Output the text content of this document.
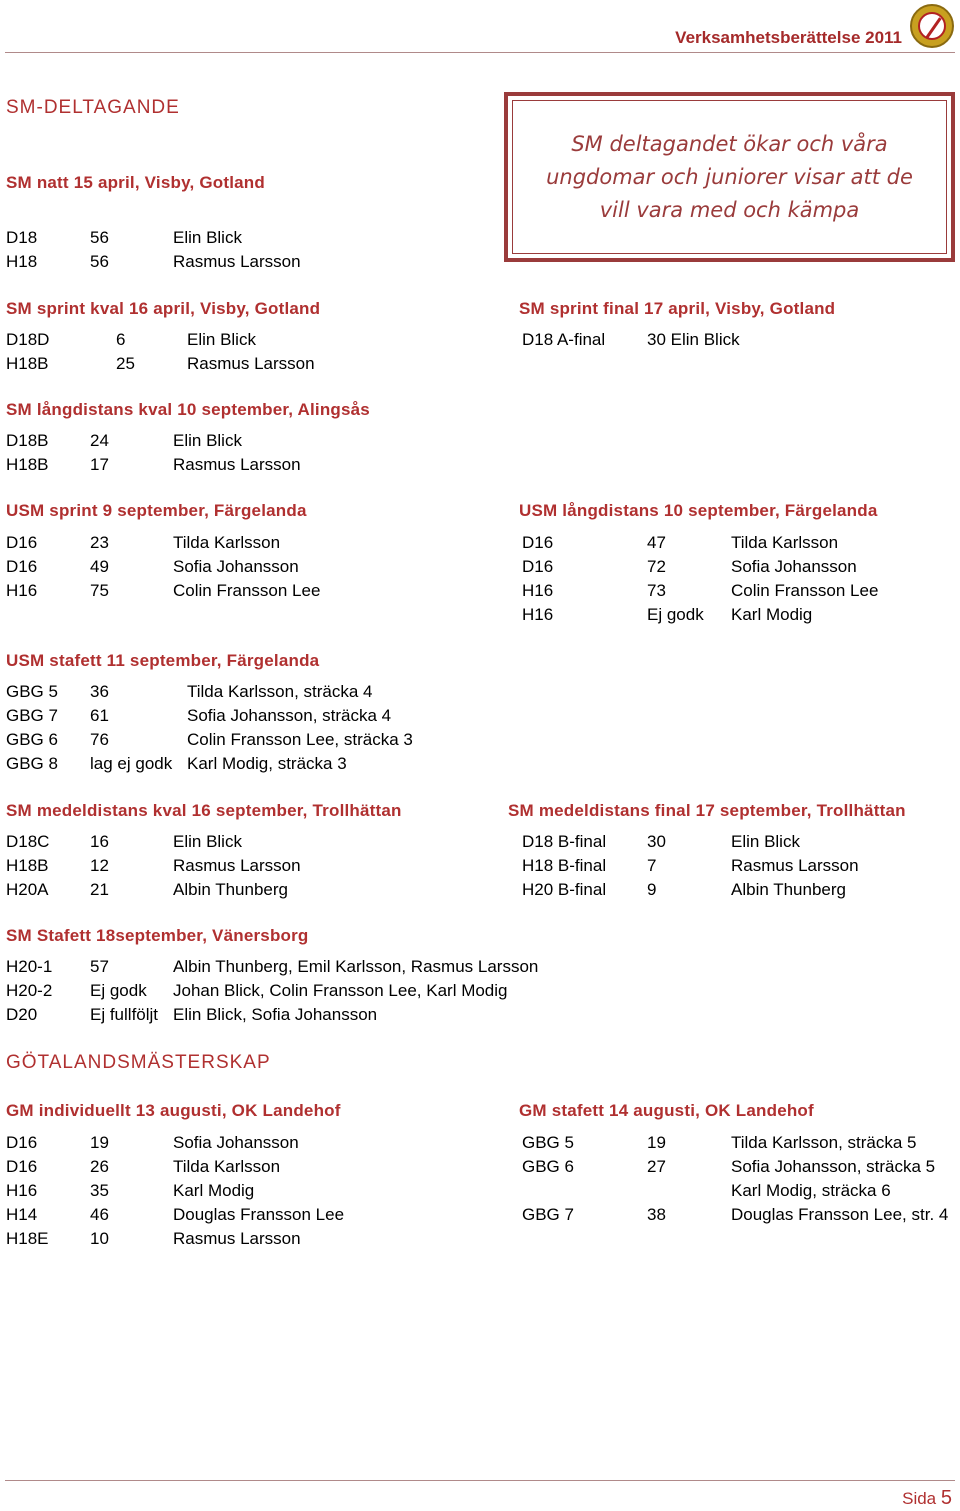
Verksamhetsberättelse 2011
SM-DELTAGANDE
SM deltagandet ökar och våra ungdomar och juniorer visar att de vill vara med och kämpa
SM natt 15 april, Visby, Gotland
D18	56	Elin Blick
H18	56	Rasmus Larsson
SM sprint kval 16 april, Visby, Gotland
D18D	6	Elin Blick
H18B	25	Rasmus Larsson
SM sprint final 17 april, Visby, Gotland
D18 A-final 30 Elin Blick
SM långdistans kval 10 september, Alingsås
D18B 24	Elin Blick
H18B 17	Rasmus Larsson
USM sprint 9 september, Färgelanda
D16	23	Tilda Karlsson
D16	49	Sofia Johansson
H16	75	Colin Fransson Lee
USM långdistans 10 september, Färgelanda
D16	47	Tilda Karlsson
D16	72	Sofia Johansson
H16	73	Colin Fransson Lee
H16	Ej godk Karl Modig
USM stafett 11 september, Färgelanda
GBG 5 36	Tilda Karlsson, sträcka 4
GBG 7 61	Sofia Johansson, sträcka 4
GBG 6 76	Colin Fransson Lee, sträcka 3
GBG 8 lag ej godk Karl Modig, sträcka 3
SM medeldistans kval 16 september, Trollhättan
D18C 16	Elin Blick
H18B 12	Rasmus Larsson
H20A 21	Albin Thunberg
SM medeldistans final 17 september, Trollhättan
D18 B-final 30	Elin Blick
H18 B-final 7	Rasmus Larsson
H20 B-final 9	Albin Thunberg
SM Stafett 18september, Vänersborg
H20-1 57	Albin Thunberg, Emil Karlsson, Rasmus Larsson
H20-2 Ej godk Johan Blick, Colin Fransson Lee, Karl Modig
D20	Ej fullföljt Elin Blick, Sofia Johansson
GM individuellt 13 augusti, OK Landehof
D16	19	Sofia Johansson
D16	26	Tilda Karlsson
H16	35	Karl Modig
H14	46	Douglas Fransson Lee
H18E 10	Rasmus Larsson
GM stafett 14 augusti, OK Landehof
GBG 5	19	Tilda Karlsson, sträcka 5
GBG 6	27	Sofia Johansson, sträcka 5
Karl Modig, sträcka 6
GBG 7	38	Douglas Fransson Lee, str. 4
GÖTALANDSMÄSTERSKAP
Sida 5
